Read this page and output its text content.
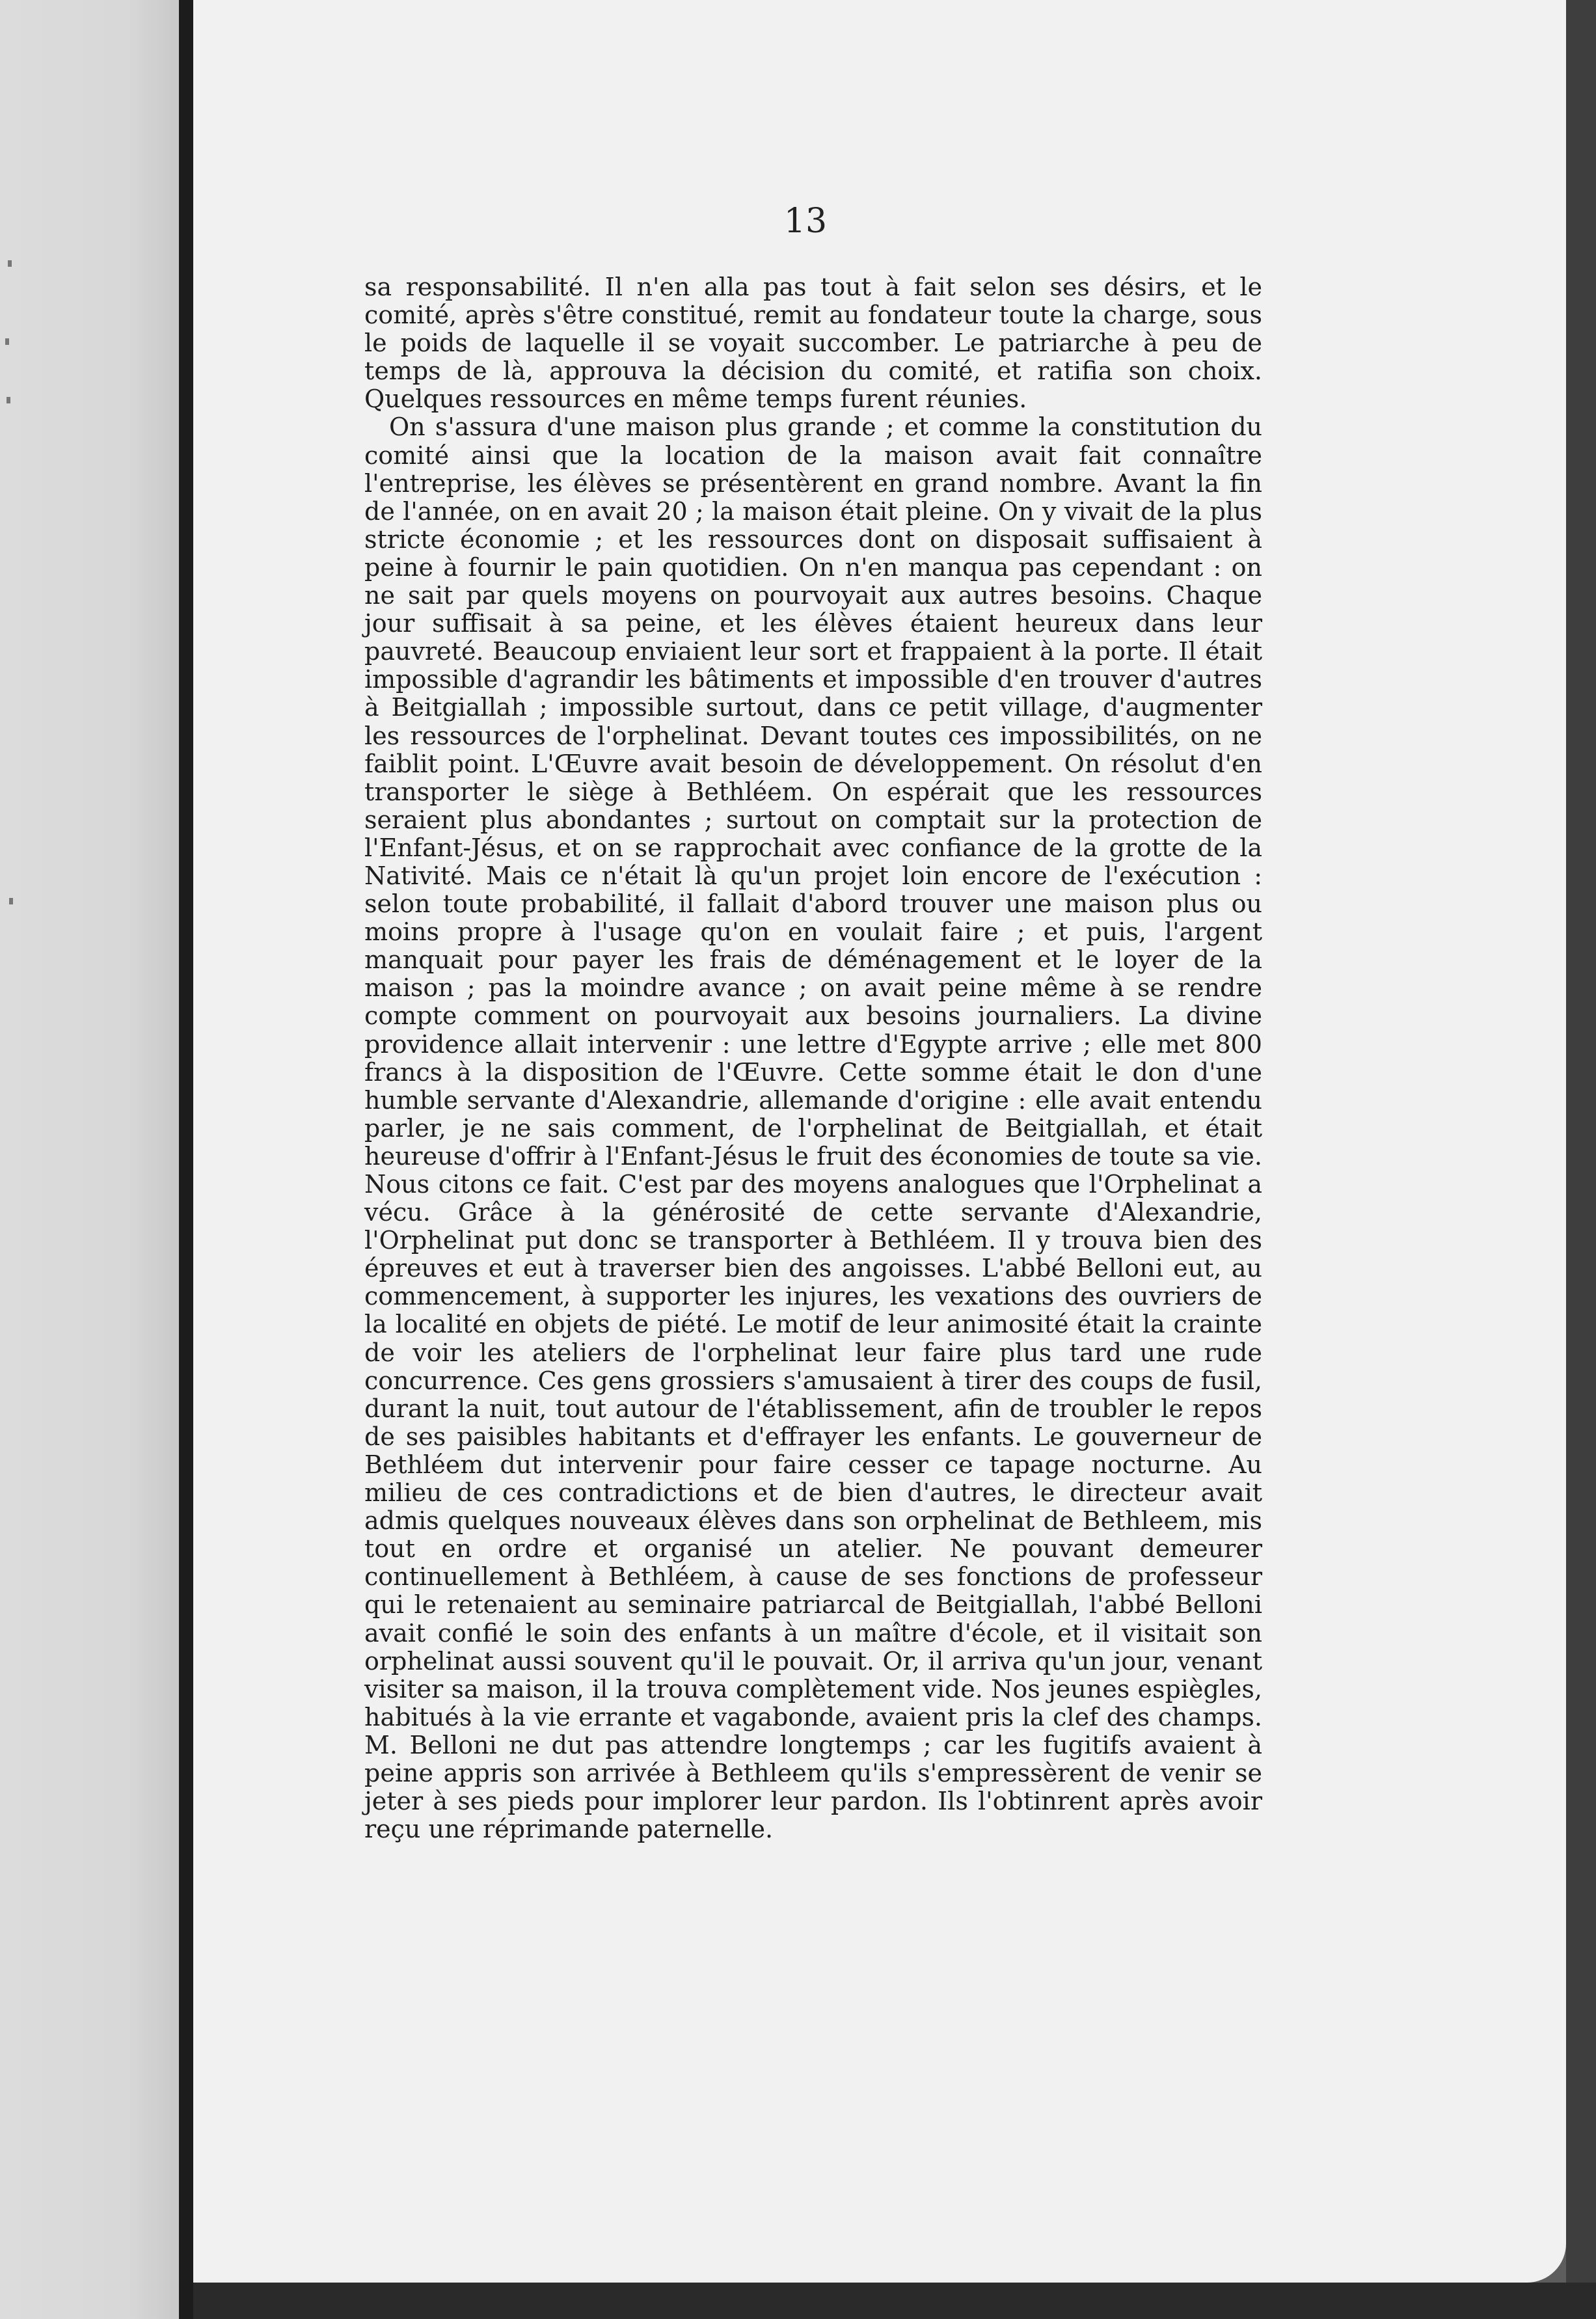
13

sa responsabilité. Il n'en alla pas tout à fait selon ses désirs, et le comité, après s'être constitué, remit au fondateur toute la charge, sous le poids de laquelle il se voyait succomber. Le patriarche à peu de temps de là, approuva la décision du comité, et ratifia son choix. Quelques ressources en même temps furent réunies.

On s'assura d'une maison plus grande ; et comme la constitution du comité ainsi que la location de la maison avait fait connaître l'entreprise, les élèves se présentèrent en grand nombre. Avant la fin de l'année, on en avait 20 ; la maison était pleine. On y vivait de la plus stricte économie ; et les ressources dont on disposait suffisaient à peine à fournir le pain quotidien. On n'en manqua pas cependant : on ne sait par quels moyens on pourvoyait aux autres besoins. Chaque jour suffisait à sa peine, et les élèves étaient heureux dans leur pauvreté. Beaucoup enviaient leur sort et frappaient à la porte. Il était impossible d'agrandir les bâtiments et impossible d'en trouver d'autres à Beitgiallah ; impossible surtout, dans ce petit village, d'augmenter les ressources de l'orphelinat. Devant toutes ces impossibilités, on ne faiblit point. L'Œuvre avait besoin de développement. On résolut d'en transporter le siège à Bethléem. On espérait que les ressources seraient plus abondantes ; surtout on comptait sur la protection de l'Enfant-Jésus, et on se rapprochait avec confiance de la grotte de la Nativité. Mais ce n'était là qu'un projet loin encore de l'exécution : selon toute probabilité, il fallait d'abord trouver une maison plus ou moins propre à l'usage qu'on en voulait faire ; et puis, l'argent manquait pour payer les frais de déménagement et le loyer de la maison ; pas la moindre avance ; on avait peine même à se rendre compte comment on pourvoyait aux besoins journaliers. La divine providence allait intervenir : une lettre d'Egypte arrive ; elle met 800 francs à la disposition de l'Œuvre. Cette somme était le don d'une humble servante d'Alexandrie, allemande d'origine : elle avait entendu parler, je ne sais comment, de l'orphelinat de Beitgiallah, et était heureuse d'offrir à l'Enfant-Jésus le fruit des économies de toute sa vie. Nous citons ce fait. C'est par des moyens analogues que l'Orphelinat a vécu. Grâce à la générosité de cette servante d'Alexandrie, l'Orphelinat put donc se transporter à Bethléem. Il y trouva bien des épreuves et eut à traverser bien des angoisses. L'abbé Belloni eut, au commencement, à supporter les injures, les vexations des ouvriers de la localité en objets de piété. Le motif de leur animosité était la crainte de voir les ateliers de l'orphelinat leur faire plus tard une rude concurrence. Ces gens grossiers s'amusaient à tirer des coups de fusil, durant la nuit, tout autour de l'établissement, afin de troubler le repos de ses paisibles habitants et d'effrayer les enfants. Le gouverneur de Bethléem dut intervenir pour faire cesser ce tapage nocturne. Au milieu de ces contradictions et de bien d'autres, le directeur avait admis quelques nouveaux élèves dans son orphelinat de Bethleem, mis tout en ordre et organisé un atelier. Ne pouvant demeurer continuellement à Bethléem, à cause de ses fonctions de professeur qui le retenaient au seminaire patriarcal de Beitgiallah, l'abbé Belloni avait confié le soin des enfants à un maître d'école, et il visitait son orphelinat aussi souvent qu'il le pouvait. Or, il arriva qu'un jour, venant visiter sa maison, il la trouva complètement vide. Nos jeunes espiègles, habitués à la vie errante et vagabonde, avaient pris la clef des champs. M. Belloni ne dut pas attendre longtemps ; car les fugitifs avaient à peine appris son arrivée à Bethleem qu'ils s'empressèrent de venir se jeter à ses pieds pour implorer leur pardon. Ils l'obtinrent après avoir reçu une réprimande paternelle.
